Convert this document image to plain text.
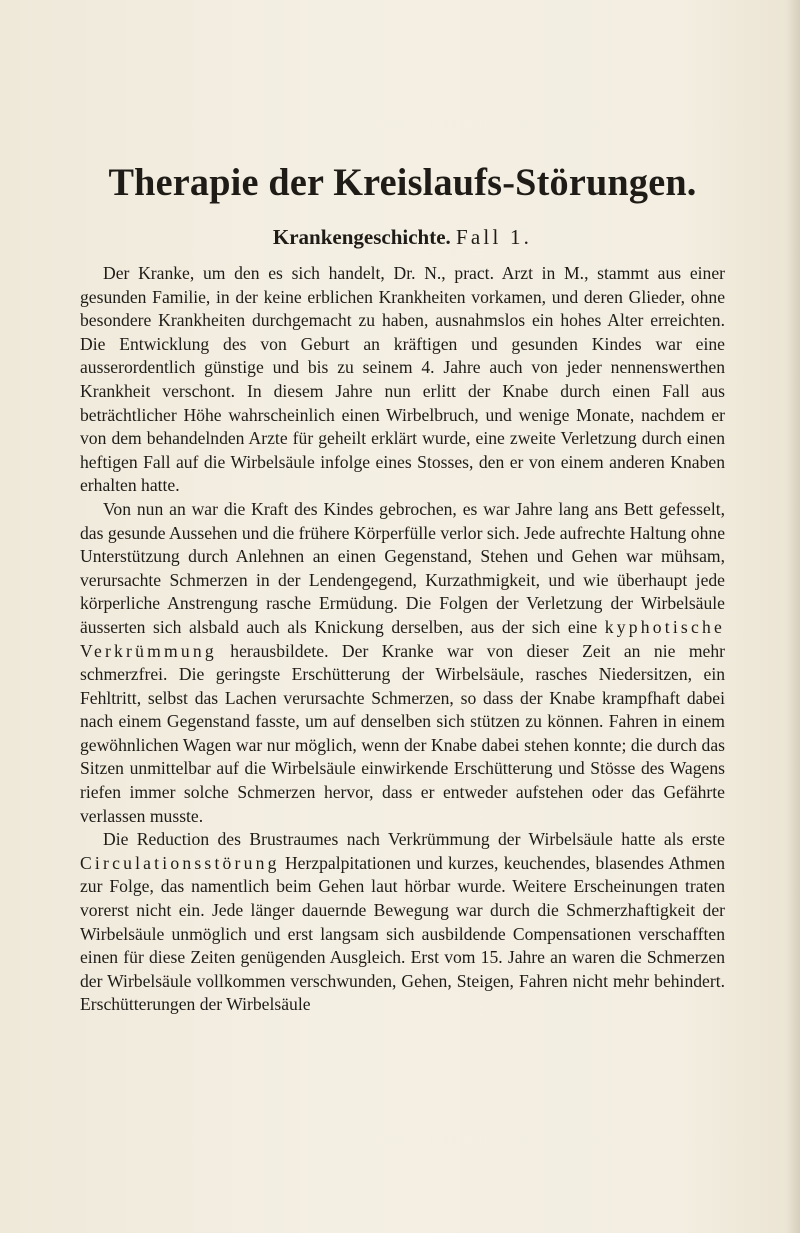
Therapie der Kreislaufs-Störungen.
Krankengeschichte. Fall 1.

Der Kranke, um den es sich handelt, Dr. N., pract. Arzt in M., stammt aus einer gesunden Familie, in der keine erblichen Krankheiten vorkamen, und deren Glieder, ohne besondere Krankheiten durchgemacht zu haben, ausnahmslos ein hohes Alter erreichten. Die Entwicklung des von Geburt an kräftigen und gesunden Kindes war eine ausserordentlich günstige und bis zu seinem 4. Jahre auch von jeder nennenswerthen Krankheit verschont. In diesem Jahre nun erlitt der Knabe durch einen Fall aus beträchtlicher Höhe wahrscheinlich einen Wirbelbruch, und wenige Monate, nachdem er von dem behandelnden Arzte für geheilt erklärt wurde, eine zweite Verletzung durch einen heftigen Fall auf die Wirbelsäule infolge eines Stosses, den er von einem anderen Knaben erhalten hatte.

Von nun an war die Kraft des Kindes gebrochen, es war Jahre lang ans Bett gefesselt, das gesunde Aussehen und die frühere Körperfülle verlor sich. Jede aufrechte Haltung ohne Unterstützung durch Anlehnen an einen Gegenstand, Stehen und Gehen war mühsam, verursachte Schmerzen in der Lendengegend, Kurzathmigkeit, und wie überhaupt jede körperliche Anstrengung rasche Ermüdung. Die Folgen der Verletzung der Wirbelsäule äusserten sich alsbald auch als Knickung derselben, aus der sich eine kyphotische Verkrümmung herausbildete. Der Kranke war von dieser Zeit an nie mehr schmerzfrei. Die geringste Erschütterung der Wirbelsäule, rasches Niedersitzen, ein Fehltritt, selbst das Lachen verursachte Schmerzen, so dass der Knabe krampfhaft dabei nach einem Gegenstand fasste, um auf denselben sich stützen zu können. Fahren in einem gewöhnlichen Wagen war nur möglich, wenn der Knabe dabei stehen konnte; die durch das Sitzen unmittelbar auf die Wirbelsäule einwirkende Erschütterung und Stösse des Wagens riefen immer solche Schmerzen hervor, dass er entweder aufstehen oder das Gefährte verlassen musste.

Die Reduction des Brustraumes nach Verkrümmung der Wirbelsäule hatte als erste Circulationsstörung Herzpalpitationen und kurzes, keuchendes, blasendes Athmen zur Folge, das namentlich beim Gehen laut hörbar wurde. Weitere Erscheinungen traten vorerst nicht ein. Jede länger dauernde Bewegung war durch die Schmerzhaftigkeit der Wirbelsäule unmöglich und erst langsam sich ausbildende Compensationen verschafften einen für diese Zeiten genügenden Ausgleich. Erst vom 15. Jahre an waren die Schmerzen der Wirbelsäule vollkommen verschwunden, Gehen, Steigen, Fahren nicht mehr behindert. Erschütterungen der Wirbelsäule
